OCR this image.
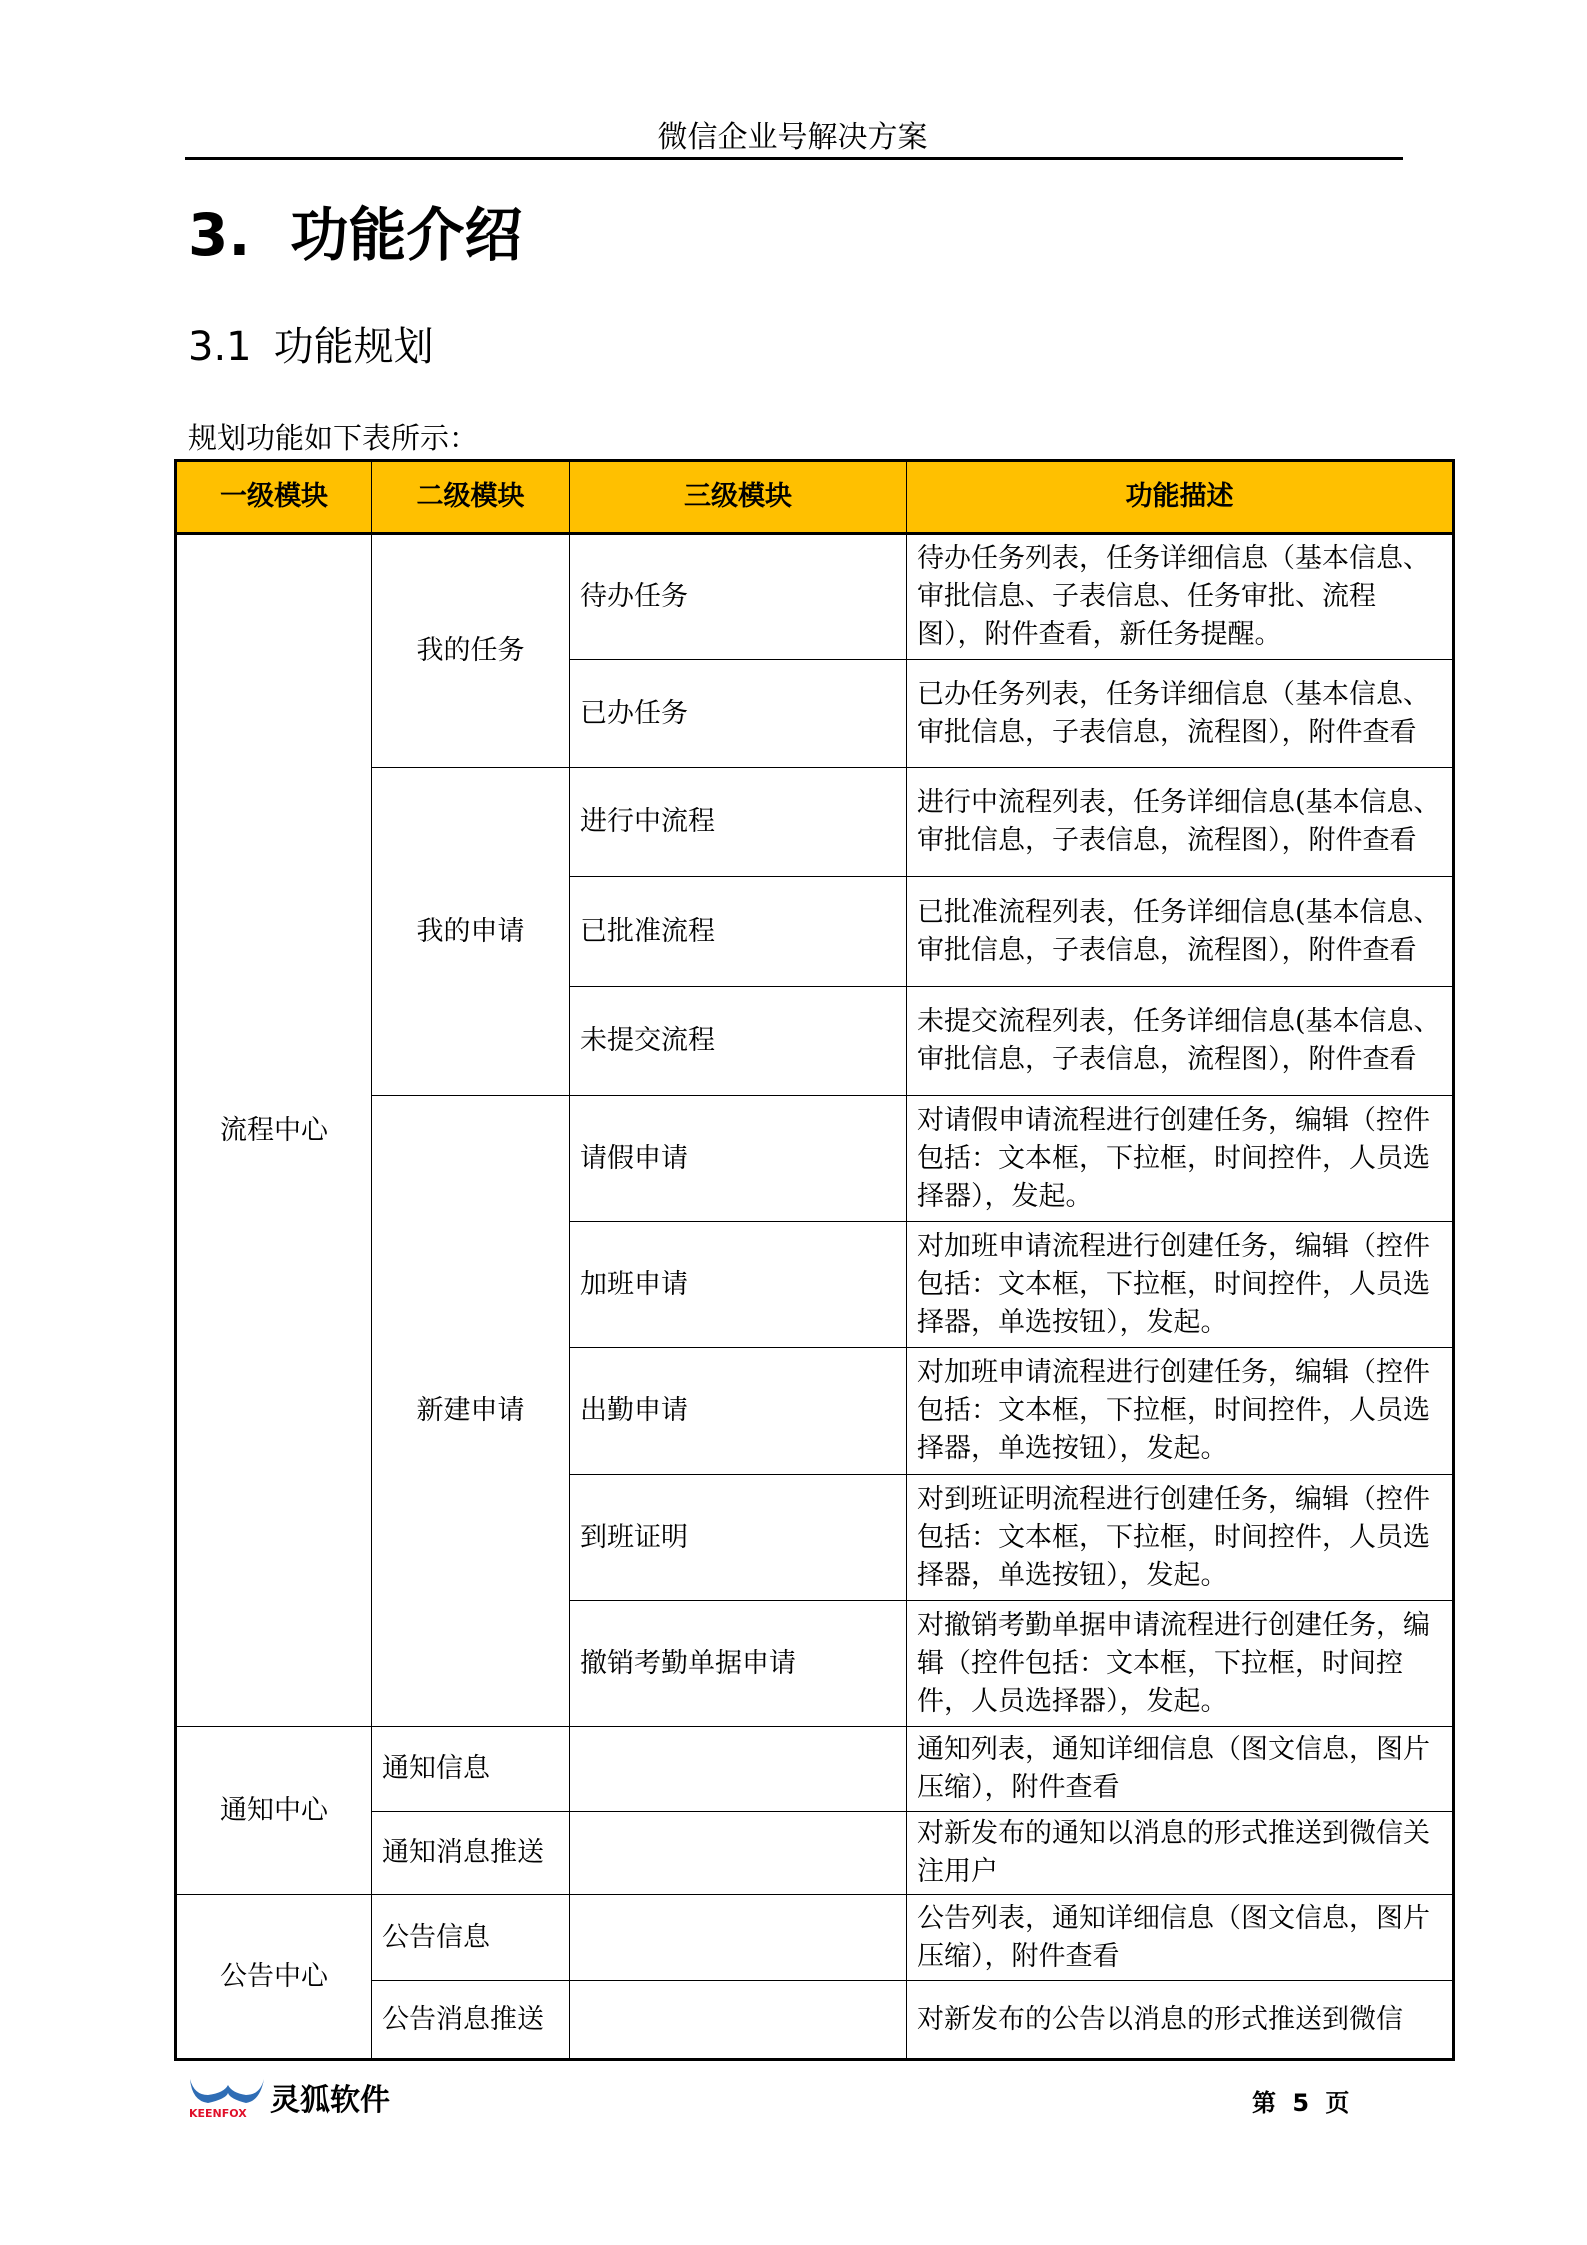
微信企业号解决方案
3. 功能介绍
3.1 功能规划
规划功能如下表所示：
一级模块	二级模块	三级模块	功能描述
流程中心	我的任务	待办任务	待办任务列表，任务详细信息（基本信息、审批信息、子表信息、任务审批、流程图），附件查看，新任务提醒。
		已办任务	已办任务列表，任务详细信息（基本信息、审批信息，子表信息，流程图），附件查看
	我的申请	进行中流程	进行中流程列表，任务详细信息(基本信息、审批信息，子表信息，流程图），附件查看
		已批准流程	已批准流程列表，任务详细信息(基本信息、审批信息，子表信息，流程图），附件查看
		未提交流程	未提交流程列表，任务详细信息(基本信息、审批信息，子表信息，流程图），附件查看
	新建申请	请假申请	对请假申请流程进行创建任务，编辑（控件包括：文本框，下拉框，时间控件，人员选择器），发起。
		加班申请	对加班申请流程进行创建任务，编辑（控件包括：文本框，下拉框，时间控件，人员选择器，单选按钮），发起。
		出勤申请	对加班申请流程进行创建任务，编辑（控件包括：文本框，下拉框，时间控件，人员选择器，单选按钮），发起。
		到班证明	对到班证明流程进行创建任务，编辑（控件包括：文本框，下拉框，时间控件，人员选择器，单选按钮），发起。
		撤销考勤单据申请	对撤销考勤单据申请流程进行创建任务，编辑（控件包括：文本框，下拉框，时间控件，人员选择器），发起。
通知中心	通知信息		通知列表，通知详细信息（图文信息，图片压缩），附件查看
	通知消息推送		对新发布的通知以消息的形式推送到微信关注用户
公告中心	公告信息		公告列表，通知详细信息（图文信息，图片压缩），附件查看
	公告消息推送		对新发布的公告以消息的形式推送到微信
KEENFOX 灵狐软件	第 5 页
